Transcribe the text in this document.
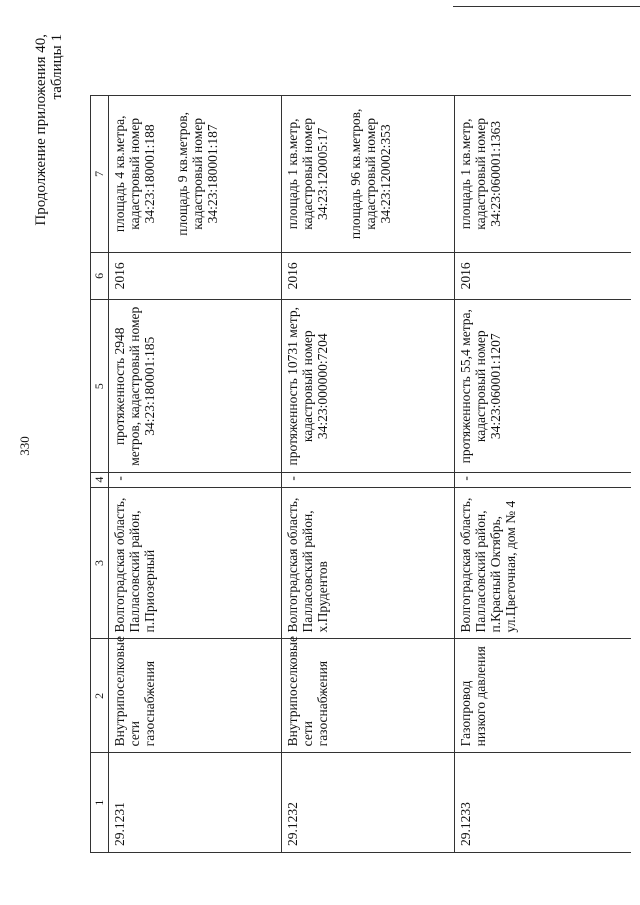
330
Продолжение приложения 40, таблицы 1
1	2	3	4	5	6	7
29.1231	Внутрипоселковые сети газоснабжения	Волгоградская область, Палласовский район, п.Приозерный	-	протяженность 2948 метров, кадастровый номер 34:23:180001:185	2016	площадь 4 кв.метра, кадастровый номер 34:23:180001:188 площадь 9 кв.метров, кадастровый номер 34:23:180001:187

29.1232	Внутрипоселковые сети газоснабжения	Волгоградская область, Палласовский район, х.Прудентов	-	протяженность 10731 метр, кадастровый номер 34:23:000000:7204	2016	площадь 1 кв.метр, кадастровый номер 34:23:120005:17 площадь 96 кв.метров, кадастровый номер 34:23:120002:353

29.1233	Газопровод низкого давления	Волгоградская область, Палласовский район, п.Красный Октябрь, ул.Цветочная, дом № 4	-	протяженность 55,4 метра, кадастровый номер 34:23:060001:1207	2016	площадь 1 кв.метр, кадастровый номер 34:23:060001:1363
